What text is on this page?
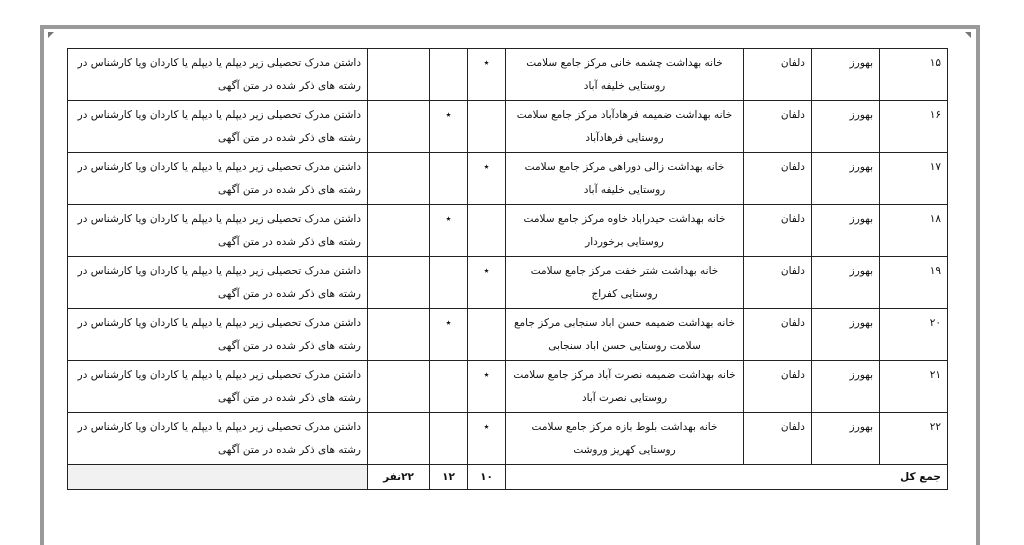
۱۵	بهورز	دلفان	خانه بهداشت چشمه خانی مرکز جامع سلامت روستایی خلیفه آباد	٭			داشتن مدرک تحصیلی زیر دیپلم یا دیپلم یا کاردان ویا کارشناس در رشته های ذکر شده در متن آگهی
۱۶	بهورز	دلفان	خانه بهداشت ضمیمه فرهادآباد مرکز جامع سلامت روستایی فرهادآباد		٭		داشتن مدرک تحصیلی زیر دیپلم یا دیپلم یا کاردان ویا کارشناس در رشته های ذکر شده در متن آگهی
۱۷	بهورز	دلفان	خانه بهداشت زالی دوراهی مرکز جامع سلامت روستایی خلیفه آباد	٭			داشتن مدرک تحصیلی زیر دیپلم یا دیپلم یا کاردان ویا کارشناس در رشته های ذکر شده در متن آگهی
۱۸	بهورز	دلفان	خانه بهداشت حیدراباد خاوه مرکز جامع سلامت روستایی برخوردار		٭		داشتن مدرک تحصیلی زیر دیپلم یا دیپلم یا کاردان ویا کارشناس در رشته های ذکر شده در متن آگهی
۱۹	بهورز	دلفان	خانه بهداشت شتر خفت مرکز جامع سلامت روستایی کفراج	٭			داشتن مدرک تحصیلی زیر دیپلم یا دیپلم یا کاردان ویا کارشناس در رشته های ذکر شده در متن آگهی
۲۰	بهورز	دلفان	خانه بهداشت ضمیمه حسن اباد سنجابی مرکز جامع سلامت روستایی حسن اباد سنجابی		٭		داشتن مدرک تحصیلی زیر دیپلم یا دیپلم یا کاردان ویا کارشناس در رشته های ذکر شده در متن آگهی
۲۱	بهورز	دلفان	خانه بهداشت ضمیمه نصرت آباد مرکز جامع سلامت روستایی نصرت آباد	٭			داشتن مدرک تحصیلی زیر دیپلم یا دیپلم یا کاردان ویا کارشناس در رشته های ذکر شده در متن آگهی
۲۲	بهورز	دلفان	خانه بهداشت بلوط بازه مرکز جامع سلامت روستایی کهریز وروشت	٭			داشتن مدرک تحصیلی زیر دیپلم یا دیپلم یا کاردان ویا کارشناس در رشته های ذکر شده در متن آگهی
جمع کل				۱۰	۱۲	۲۲نفر	
